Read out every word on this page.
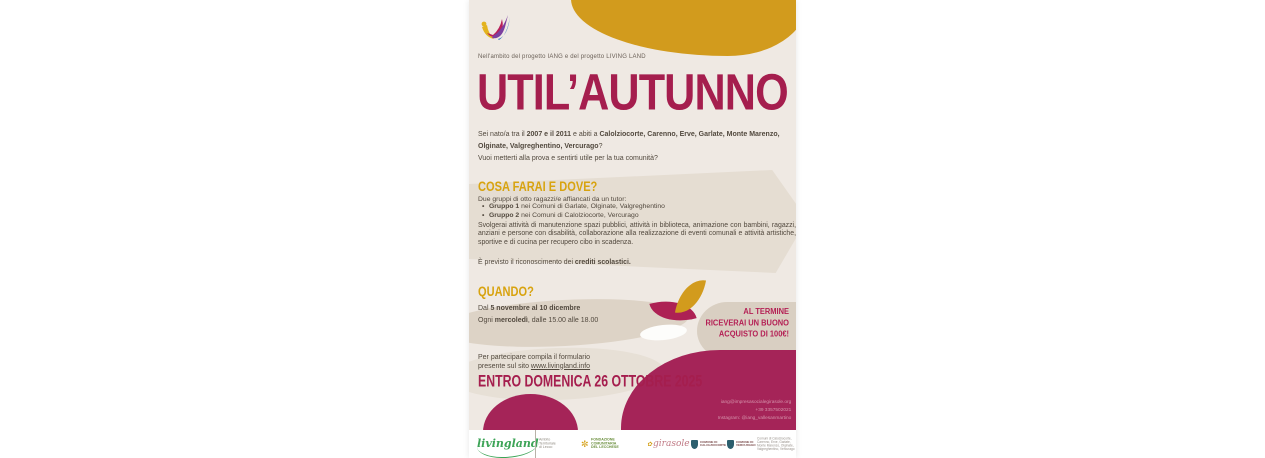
iang@impresasocialegirasole.org
+39 3357502021
Instagram: @iang_vallesanmartino
Nell'ambito del progetto IANG e del progetto LIVING LAND
UTIL’AUTUNNO
Sei nato/a tra il 2007 e il 2011 e abiti a Calolziocorte, Carenno, Erve, Garlate, Monte Marenzo, Olginate, Valgreghentino, Vercurago?
Vuoi metterti alla prova e sentirti utile per la tua comunità?
COSA FARAI E DOVE?
Due gruppi di otto ragazzi/e affiancati da un tutor:
• Gruppo 1 nei Comuni di Garlate, Olginate, Valgreghentino
• Gruppo 2 nei Comuni di Calolziocorte, Vercurago
Svolgerai attività di manutenzione spazi pubblici, attività in biblioteca, animazione con bambini, ragazzi, anziani e persone con disabilità, collaborazione alla realizzazione di eventi comunali e attività artistiche, sportive e di cucina per recupero cibo in scadenza.
È previsto il riconoscimento dei crediti scolastici.
QUANDO?
Dal 5 novembre al 10 dicembre
Ogni mercoledì, dalle 15.00 alle 18.00
AL TERMINE
RICEVERAI UN BUONO
ACQUISTO DI 100€!
Per partecipare compila il formulario
presente sul sito www.livingland.info
ENTRO DOMENICA 26 OTTOBRE 2025
livingland Ambito
Territoriale
di Lecco	✼ FONDAZIONE
COMUNITARIA
DEL LECCHESE
✿ girasole COMUNE DI
CALOLZIOCORTE
COMUNE DI
VERCURAGO
Comuni di Calolziocorte,
Carenno, Erve, Garlate,
Monte Marenzo, Olginate,
Valgreghentino, Vercurago
